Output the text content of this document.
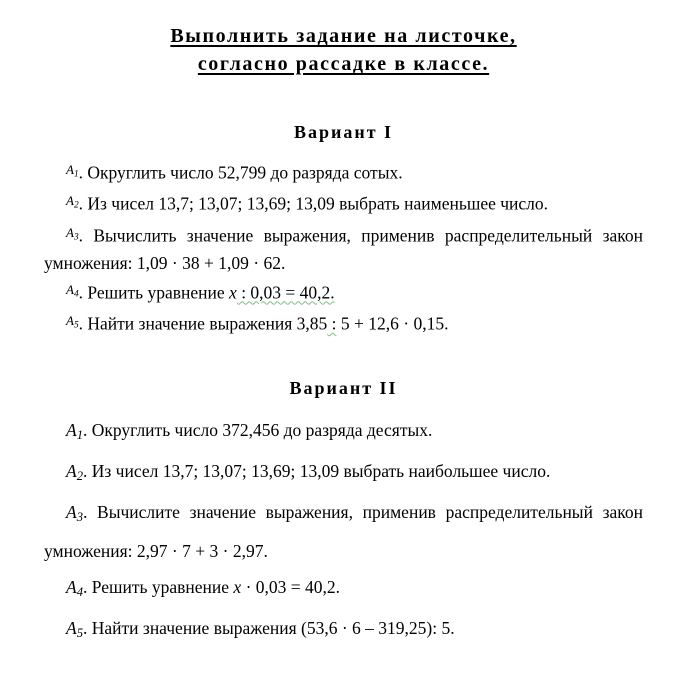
Выполнить задание на листочке,
согласно рассадке в классе.
Вариант I

$^{A_1}$. Округлить число 52,799 до разряда сотых.

$^{A_2}$. Из чисел 13,7; 13,07; 13,69; 13,09 выбрать наименьшее число.

$^{A_3}$. Вычислить значение выражения, применив распределительный закон умножения: 1,09 · 38 + 1,09 · 62.

$^{A_4}$. Решить уравнение x : 0,03 = 40,2.

$^{A_5}$. Найти значение выражения 3,85 : 5 + 12,6 · 0,15.

Вариант II

$A_1$. Округлить число 372,456 до разряда десятых.

$A_2$. Из чисел 13,7; 13,07; 13,69; 13,09 выбрать наибольшее число.

$A_3$. Вычислите значение выражения, применив распределительный закон умножения: 2,97 · 7 + 3 · 2,97.

$A_4$. Решить уравнение x · 0,03 = 40,2.

$A_5$. Найти значение выражения (53,6 · 6 – 319,25): 5.
